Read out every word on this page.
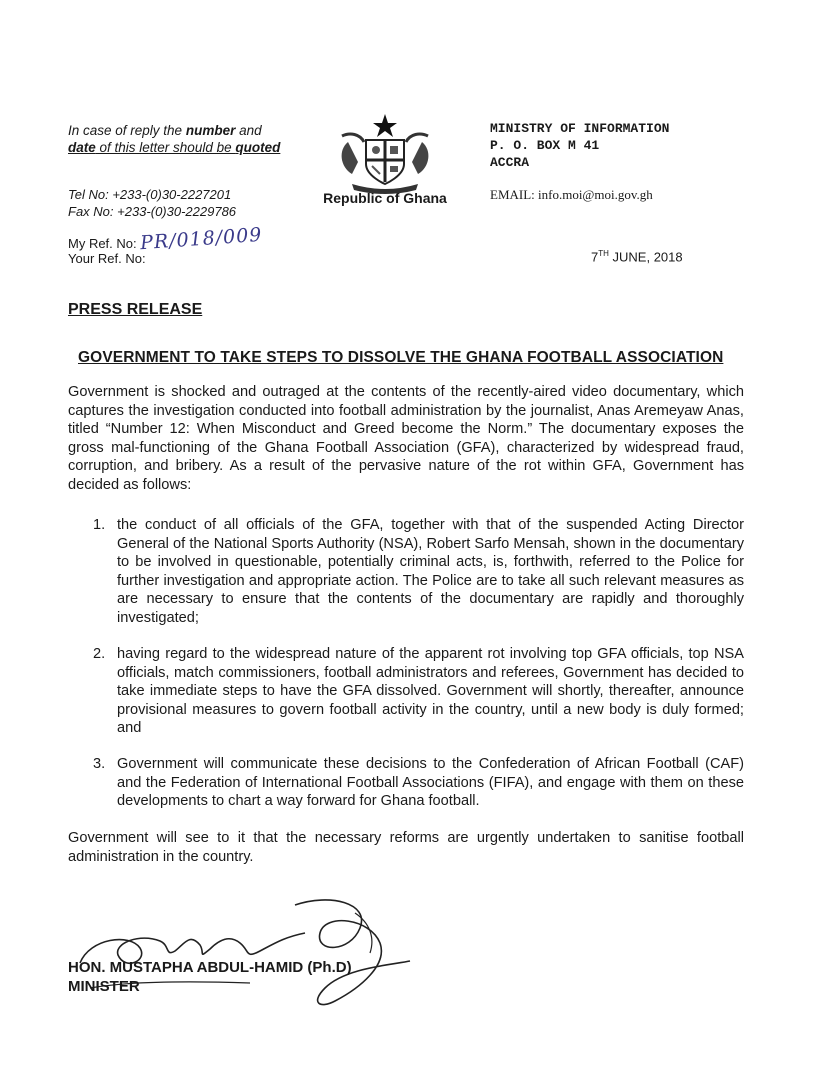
In case of reply the number and
date of this letter should be quoted
Tel No: +233-(0)30-2227201
Fax No: +233-(0)30-2229786
My Ref. No:
Your Ref. No:
PR/018/009
Republic of Ghana
MINISTRY OF INFORMATION
P. O. BOX M 41
ACCRA
EMAIL: info.moi@moi.gov.gh
7TH JUNE, 2018
PRESS RELEASE
GOVERNMENT TO TAKE STEPS TO DISSOLVE THE GHANA FOOTBALL ASSOCIATION
Government is shocked and outraged at the contents of the recently-aired video documentary, which captures the investigation conducted into football administration by the journalist, Anas Aremeyaw Anas, titled “Number 12: When Misconduct and Greed become the Norm.” The documentary exposes the gross mal-functioning of the Ghana Football Association (GFA), characterized by widespread fraud, corruption, and bribery. As a result of the pervasive nature of the rot within GFA, Government has decided as follows:
1. the conduct of all officials of the GFA, together with that of the suspended Acting Director General of the National Sports Authority (NSA), Robert Sarfo Mensah, shown in the documentary to be involved in questionable, potentially criminal acts, is, forthwith, referred to the Police for further investigation and appropriate action. The Police are to take all such relevant measures as are necessary to ensure that the contents of the documentary are rapidly and thoroughly investigated;
2. having regard to the widespread nature of the apparent rot involving top GFA officials, top NSA officials, match commissioners, football administrators and referees, Government has decided to take immediate steps to have the GFA dissolved. Government will shortly, thereafter, announce provisional measures to govern football activity in the country, until a new body is duly formed; and
3. Government will communicate these decisions to the Confederation of African Football (CAF) and the Federation of International Football Associations (FIFA), and engage with them on these developments to chart a way forward for Ghana football.
Government will see to it that the necessary reforms are urgently undertaken to sanitise football administration in the country.
HON. MUSTAPHA ABDUL-HAMID (Ph.D)
MINISTER
